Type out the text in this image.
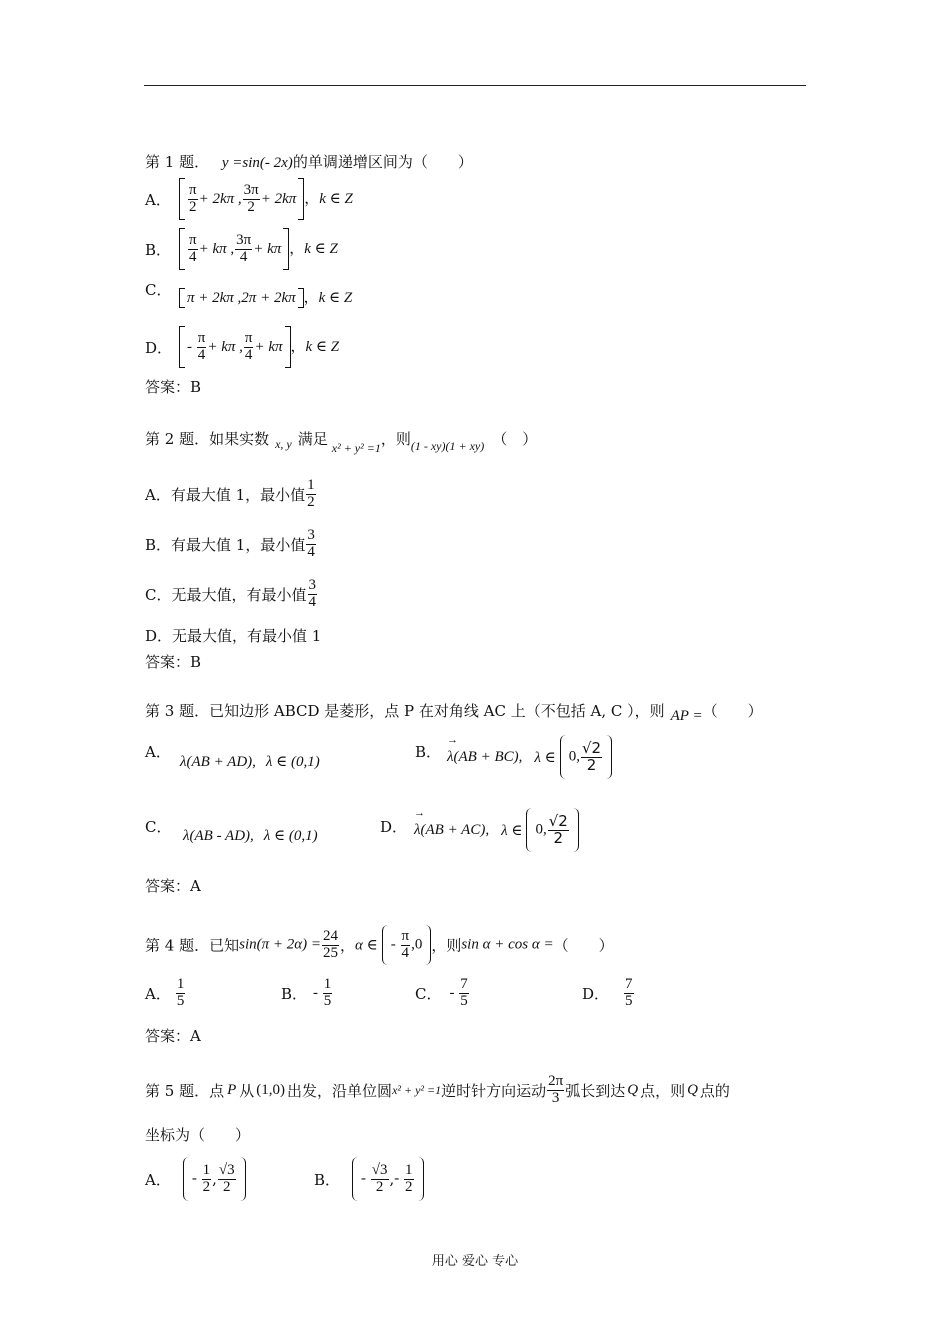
第 1 题． y =sin(- 2x)的单调递增区间为（　　）
A． $\frac{\pi}{2} + 2k\pi$ , $\frac{3\pi}{2} + 2k\pi$ ，k ∈ Z
B． $\frac{\pi}{4} + k\pi$ , $\frac{3\pi}{4} + k\pi$ ，k ∈ Z
C．	π + 2kπ ,2π + 2kπ ，k ∈ Z
D． - $\frac{\pi}{4} + k\pi$ , $\frac{\pi}{4} + k\pi$ ，k ∈ Z
答案：B
第 2 题．如果实数 $_{x, y}$ 满足 $_{x^2 + y^2 =1}$，则$_{(1 - xy)(1 + xy)}$ （　）
A．有最大值 1，最小值 $\frac{1}{2}$
B．有最大值 1，最小值 $\frac{3}{4}$
C．无最大值，有最小值 $\frac{3}{4}$
D．无最大值，有最小值 1
答案：B
第 3 题．已知边形 ABCD 是菱形，点 P 在对角线 AC 上（不包括 A, C ），则 AP =（　　）
A．
λ(AB + AD), λ ∈ (0,1)
B． → λ(AB + BC), λ ∈ 0, $\frac{√2}{2}$
C． λ(AB - AD), λ ∈ (0,1)	D． → λ(AB + AC), λ ∈ 0, $\frac{√2}{2}$
答案：A
第 4 题．已知$\sin(\pi + 2\alpha) = \frac{24}{25}$ ，α ∈ - $\frac{\pi}{4} ,0$ ，则sin α + cos α =（　　）
A． $\frac{1}{5}$	B． - $\frac{1}{5}$	C． - $\frac{7}{5}$	D． $\frac{7}{5}$
答案：A
第 5 题．点 P 从 (1,0) 出发，沿单位圆x² + y² =1逆时针方向运动 $\frac{2\pi}{3}$ 弧长到达 Q 点，则 Q 点的
坐标为（　　）
A． - $\frac{1}{2}$ , $\frac{√3}{2}$	B． - $\frac{√3}{2}$ ,- $\frac{1}{2}$
用心 爱心 专心
